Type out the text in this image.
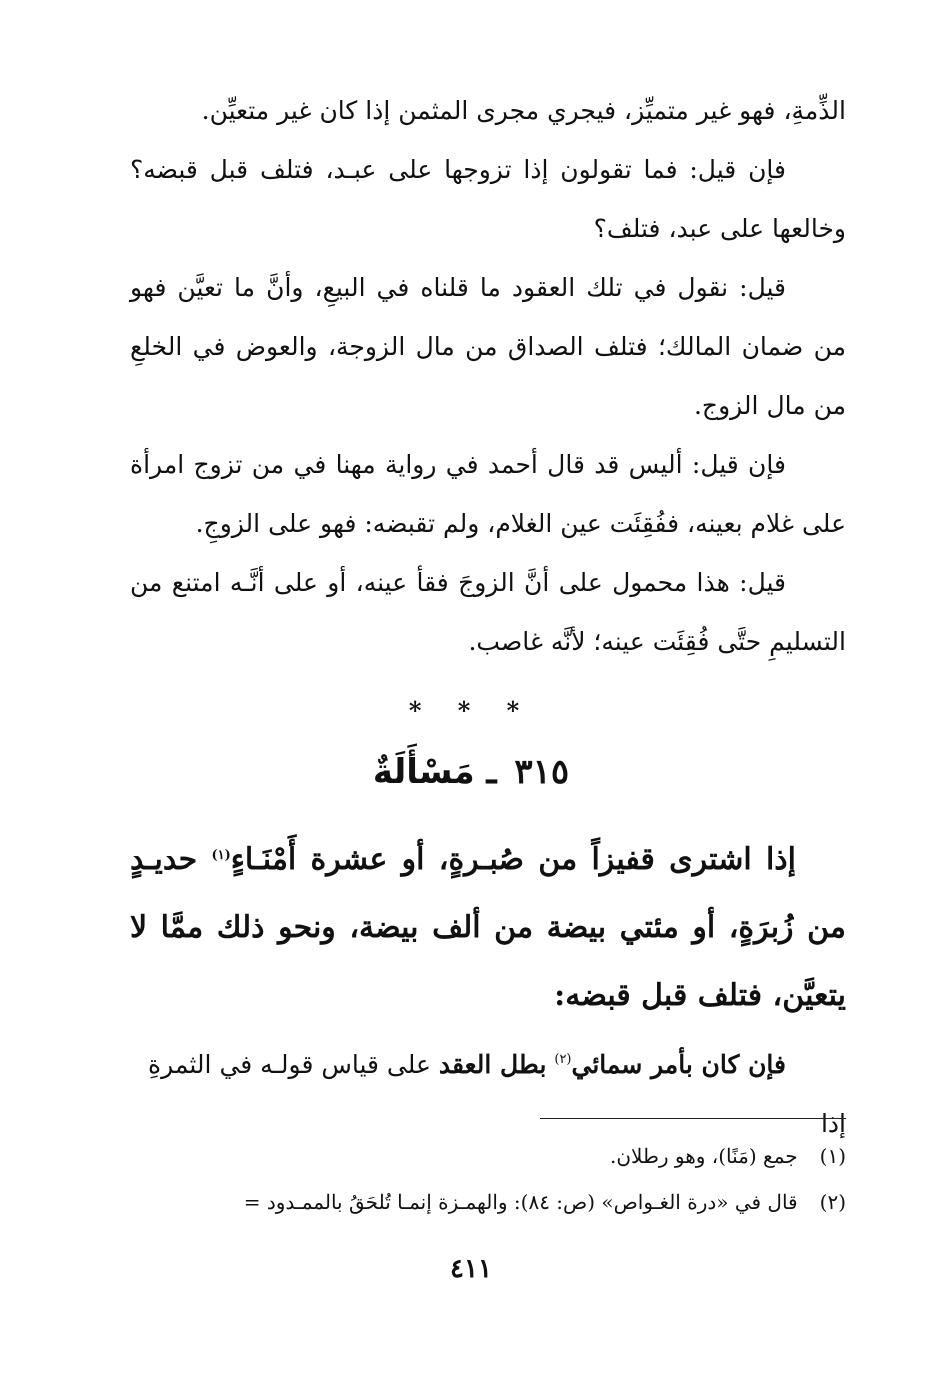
الذِّمةِ، فهو غير متميِّز، فيجري مجرى المثمن إذا كان غير متعيِّن.

فإن قيل: فما تقولون إذا تزوجها على عبـد، فتلف قبل قبضه؟ وخالعها على عبد، فتلف؟

قيل: نقول في تلك العقود ما قلناه في البيعِ، وأنَّ ما تعيَّن فهو من ضمان المالك؛ فتلف الصداق من مال الزوجة، والعوض في الخلعِ من مال الزوج.

فإن قيل: أليس قد قال أحمد في رواية مهنا في من تزوج امرأة على غلام بعينه، ففُقِئَت عين الغلام، ولم تقبضه: فهو على الزوجِ.

قيل: هذا محمول على أنَّ الزوجَ فقأ عينه، أو على أنَّـه امتنع من التسليمِ حتَّى فُقِئَت عينه؛ لأنَّه غاصب.

* * *
٣١٥ ـ مَسْأَلَةٌ

إذا اشترى قفيزاً من صُبـرةٍ، أو عشرة أَمْنَـاءٍ$^{(١)}$ حديـدٍ من زُبرَةٍ، أو مئتي بيضة من ألف بيضة، ونحو ذلك ممَّا لا يتعيَّن، فتلف قبل قبضه:

فإن كان بأمر سمائي$^{(٢)}$ بطل العقد على قياس قولـه في الثمرةِ إذا

(١)جمع (مَنًا)، وهو رطلان.

(٢)قال في «درة الغـواص» (ص: ٨٤): والهمـزة إنمـا تُلحَقُ بالممـدود =

٤١١
